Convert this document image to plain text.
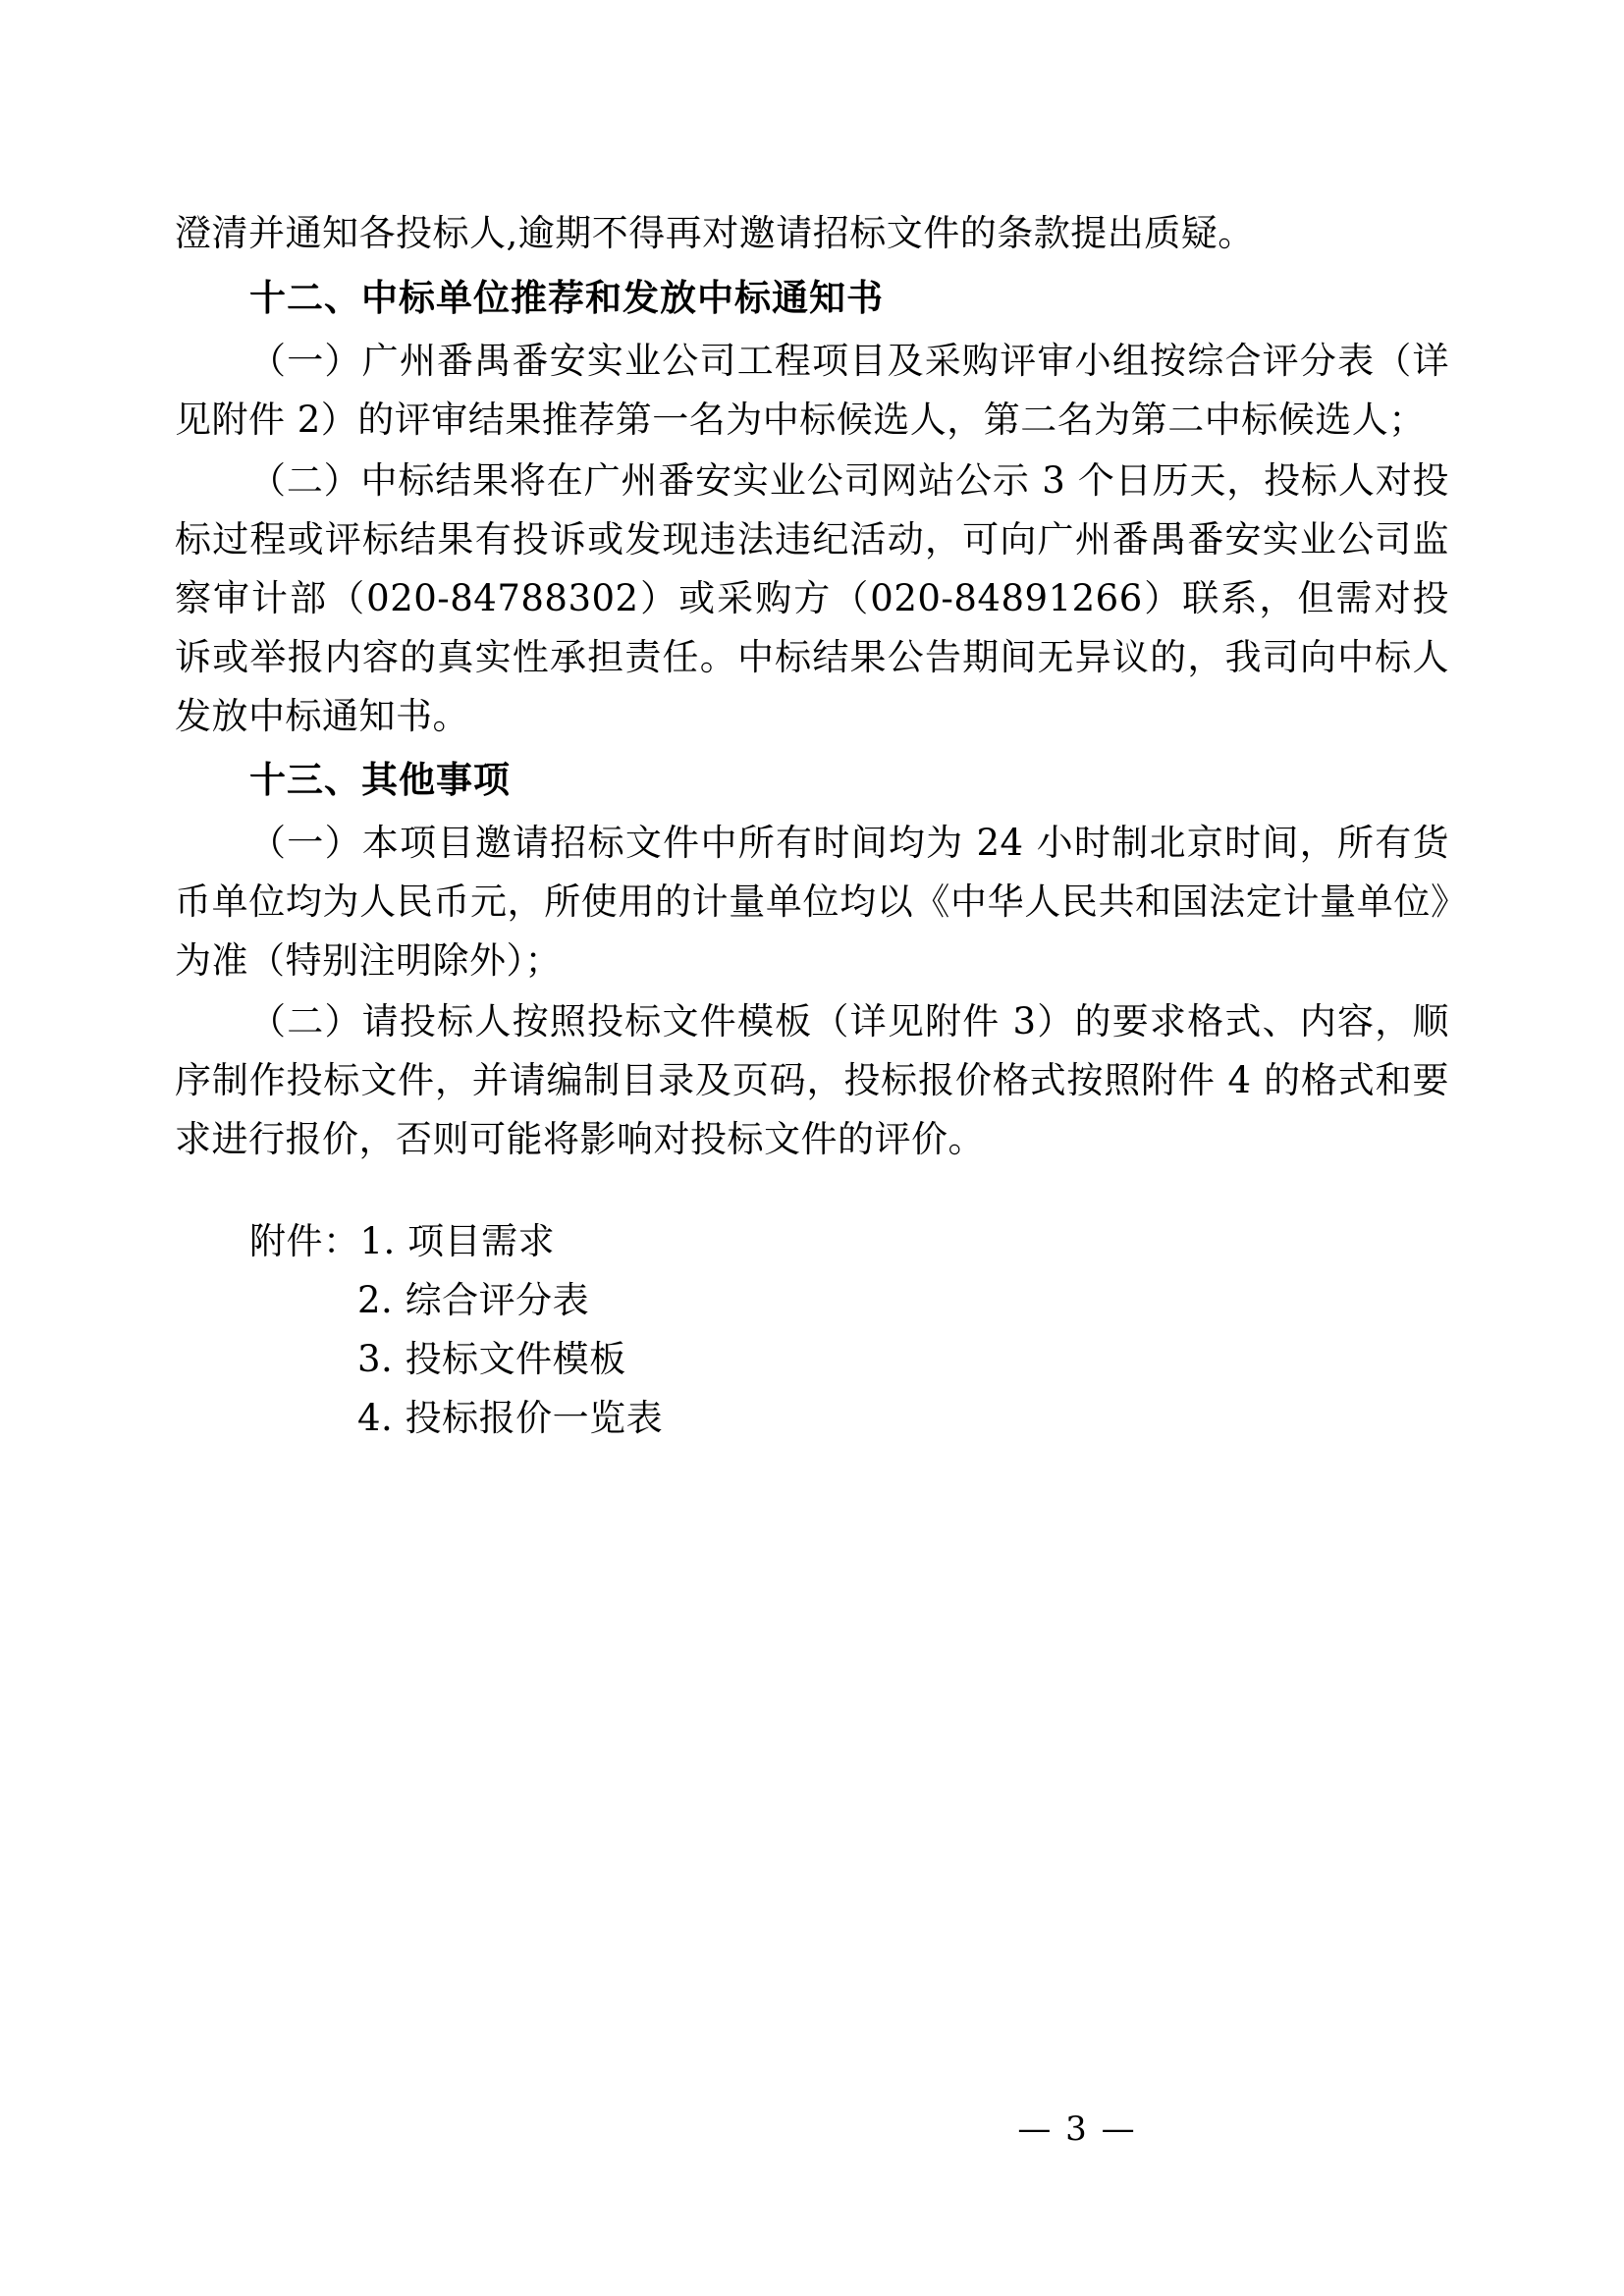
澄清并通知各投标人,逾期不得再对邀请招标文件的条款提出质疑。

十二、中标单位推荐和发放中标通知书

（一）广州番禺番安实业公司工程项目及采购评审小组按综合评分表（详见附件 2）的评审结果推荐第一名为中标候选人，第二名为第二中标候选人；

（二）中标结果将在广州番安实业公司网站公示 3 个日历天，投标人对投标过程或评标结果有投诉或发现违法违纪活动，可向广州番禺番安实业公司监察审计部（020-84788302）或采购方（020-84891266）联系，但需对投诉或举报内容的真实性承担责任。中标结果公告期间无异议的，我司向中标人发放中标通知书。

十三、其他事项

（一）本项目邀请招标文件中所有时间均为 24 小时制北京时间，所有货币单位均为人民币元，所使用的计量单位均以《中华人民共和国法定计量单位》为准（特别注明除外）；

（二）请投标人按照投标文件模板（详见附件 3）的要求格式、内容，顺序制作投标文件，并请编制目录及页码，投标报价格式按照附件 4 的格式和要求进行报价，否则可能将影响对投标文件的评价。

附件：1. 项目需求
2. 综合评分表
3. 投标文件模板
4. 投标报价一览表
— 3 —
